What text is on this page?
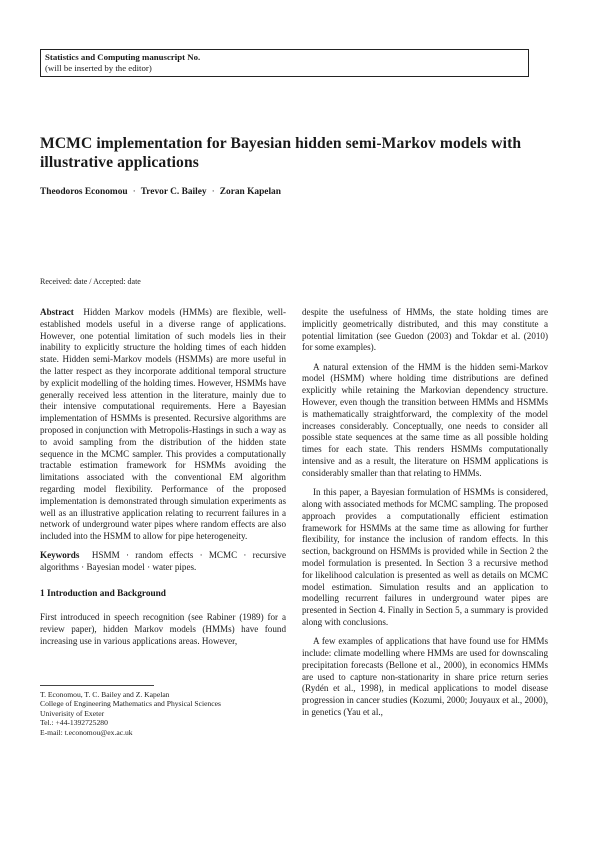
Statistics and Computing manuscript No.
(will be inserted by the editor)
MCMC implementation for Bayesian hidden semi-Markov models with illustrative applications
Theodoros Economou · Trevor C. Bailey · Zoran Kapelan
Received: date / Accepted: date

Abstract Hidden Markov models (HMMs) are flexible, well-established models useful in a diverse range of applications. However, one potential limitation of such models lies in their inability to explicitly structure the holding times of each hidden state. Hidden semi-Markov models (HSMMs) are more useful in the latter respect as they incorporate additional temporal structure by explicit modelling of the holding times. However, HSMMs have generally received less attention in the literature, mainly due to their intensive computational requirements. Here a Bayesian implementation of HSMMs is presented. Recursive algorithms are proposed in conjunction with Metropolis-Hastings in such a way as to avoid sampling from the distribution of the hidden state sequence in the MCMC sampler. This provides a computationally tractable estimation framework for HSMMs avoiding the limitations associated with the conventional EM algorithm regarding model flexibility. Performance of the proposed implementation is demonstrated through simulation experiments as well as an illustrative application relating to recurrent failures in a network of underground water pipes where random effects are also included into the HSMM to allow for pipe heterogeneity.

Keywords HSMM · random effects · MCMC · recursive algorithms · Bayesian model · water pipes.

1 Introduction and Background

First introduced in speech recognition (see Rabiner (1989) for a review paper), hidden Markov models (HMMs) have found increasing use in various applications areas. However,

T. Economou, T. C. Bailey and Z. Kapelan
College of Engineering Mathematics and Physical Sciences
Univerisity of Exeter
Tel.: +44-1392725280
E-mail: t.economou@ex.ac.uk

despite the usefulness of HMMs, the state holding times are implicitly geometrically distributed, and this may constitute a potential limitation (see Guedon (2003) and Tokdar et al. (2010) for some examples).

A natural extension of the HMM is the hidden semi-Markov model (HSMM) where holding time distributions are defined explicitly while retaining the Markovian dependency structure. However, even though the transition between HMMs and HSMMs is mathematically straightforward, the complexity of the model increases considerably. Conceptually, one needs to consider all possible state sequences at the same time as all possible holding times for each state. This renders HSMMs computationally intensive and as a result, the literature on HSMM applications is considerably smaller than that relating to HMMs.

In this paper, a Bayesian formulation of HSMMs is considered, along with associated methods for MCMC sampling. The proposed approach provides a computationally efficient estimation framework for HSMMs at the same time as allowing for further flexibility, for instance the inclusion of random effects. In this section, background on HSMMs is provided while in Section 2 the model formulation is presented. In Section 3 a recursive method for likelihood calculation is presented as well as details on MCMC model estimation. Simulation results and an application to modelling recurrent failures in underground water pipes are presented in Section 4. Finally in Section 5, a summary is provided along with conclusions.

A few examples of applications that have found use for HMMs include: climate modelling where HMMs are used for downscaling precipitation forecasts (Bellone et al., 2000), in economics HMMs are used to capture non-stationarity in share price return series (Rydén et al., 1998), in medical applications to model disease progression in cancer studies (Kozumi, 2000; Jouyaux et al., 2000), in genetics (Yau et al.,
